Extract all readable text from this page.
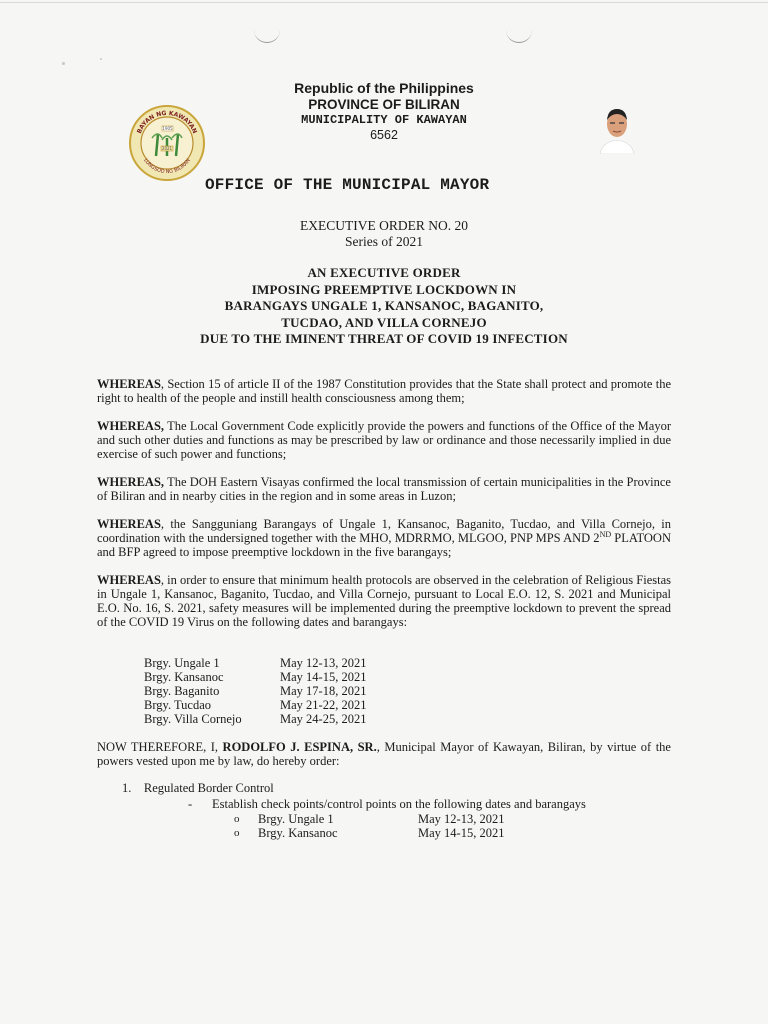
BAYAN NG KAWAYAN
LUNGSOD NG BILIRAN
1905
2021
Republic of the Philippines
PROVINCE OF BILIRAN
MUNICIPALITY OF KAWAYAN
6562
OFFICE OF THE MUNICIPAL MAYOR
EXECUTIVE ORDER NO. 20
Series of 2021
AN EXECUTIVE ORDER
IMPOSING PREEMPTIVE LOCKDOWN IN
BARANGAYS UNGALE 1, KANSANOC, BAGANITO,
TUCDAO, AND VILLA CORNEJO
DUE TO THE IMINENT THREAT OF COVID 19 INFECTION

WHEREAS, Section 15 of article II of the 1987 Constitution provides that the State shall protect and promote the right to health of the people and instill health consciousness among them;

WHEREAS, The Local Government Code explicitly provide the powers and functions of the Office of the Mayor and such other duties and functions as may be prescribed by law or ordinance and those necessarily implied in due exercise of such power and functions;

WHEREAS, The DOH Eastern Visayas confirmed the local transmission of certain municipalities in the Province of Biliran and in nearby cities in the region and in some areas in Luzon;

WHEREAS, the Sangguniang Barangays of Ungale 1, Kansanoc, Baganito, Tucdao, and Villa Cornejo, in coordination with the undersigned together with the MHO, MDRRMO, MLGOO, PNP MPS AND 2ND PLATOON and BFP agreed to impose preemptive lockdown in the five barangays;

WHEREAS, in order to ensure that minimum health protocols are observed in the celebration of Religious Fiestas in Ungale 1, Kansanoc, Baganito, Tucdao, and Villa Cornejo, pursuant to Local E.O. 12, S. 2021 and Municipal E.O. No. 16, S. 2021, safety measures will be implemented during the preemptive lockdown to prevent the spread of the COVID 19 Virus on the following dates and barangays:

Brgy. Ungale 1	May 12-13, 2021
Brgy. Kansanoc	May 14-15, 2021
Brgy. Baganito	May 17-18, 2021
Brgy. Tucdao	May 21-22, 2021
Brgy. Villa Cornejo	May 24-25, 2021
NOW THEREFORE, I, RODOLFO J. ESPINA, SR., Municipal Mayor of Kawayan, Biliran, by virtue of the powers vested upon me by law, do hereby order:
1. Regulated Border Control
- Establish check points/control points on the following dates and barangays
o Brgy. Ungale 1	May 12-13, 2021
o Brgy. Kansanoc	May 14-15, 2021
